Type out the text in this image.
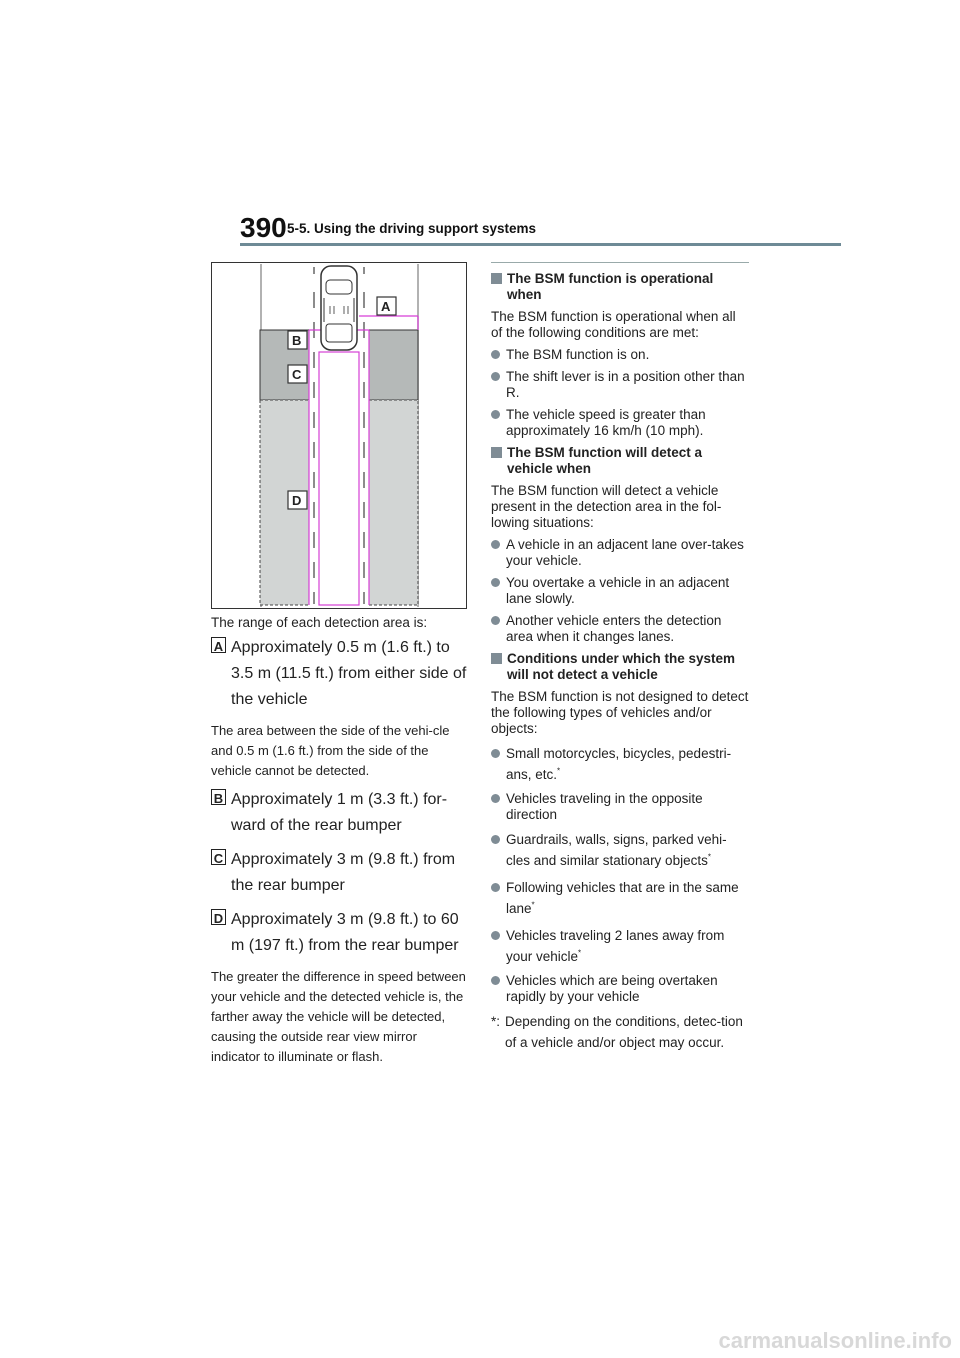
390 5-5. Using the driving support systems
A
B
C
D
The range of each detection area is:
A Approximately 0.5 m (1.6 ft.) to 3.5 m (11.5 ft.) from either side of the vehicle
The area between the side of the vehi-cle and 0.5 m (1.6 ft.) from the side of the vehicle cannot be detected.
B Approximately 1 m (3.3 ft.) for-ward of the rear bumper
C Approximately 3 m (9.8 ft.) from the rear bumper
D Approximately 3 m (9.8 ft.) to 60 m (197 ft.) from the rear bumper
The greater the difference in speed between your vehicle and the detected vehicle is, the farther away the vehicle will be detected, causing the outside rear view mirror indicator to illuminate or flash.
The BSM function is operational when
The BSM function is operational when all of the following conditions are met:
The BSM function is on.
The shift lever is in a position other than R.
The vehicle speed is greater than approximately 16 km/h (10 mph).
The BSM function will detect a vehicle when
The BSM function will detect a vehicle present in the detection area in the fol-lowing situations:
A vehicle in an adjacent lane over-takes your vehicle.
You overtake a vehicle in an adjacent lane slowly.
Another vehicle enters the detection area when it changes lanes.
Conditions under which the system will not detect a vehicle
The BSM function is not designed to detect the following types of vehicles and/or objects:
Small motorcycles, bicycles, pedestri-ans, etc.*
Vehicles traveling in the opposite direction
Guardrails, walls, signs, parked vehi-cles and similar stationary objects*
Following vehicles that are in the same lane*
Vehicles traveling 2 lanes away from your vehicle*
Vehicles which are being overtaken rapidly by your vehicle
*: Depending on the conditions, detec-tion of a vehicle and/or object may occur.
carmanualsonline.info
